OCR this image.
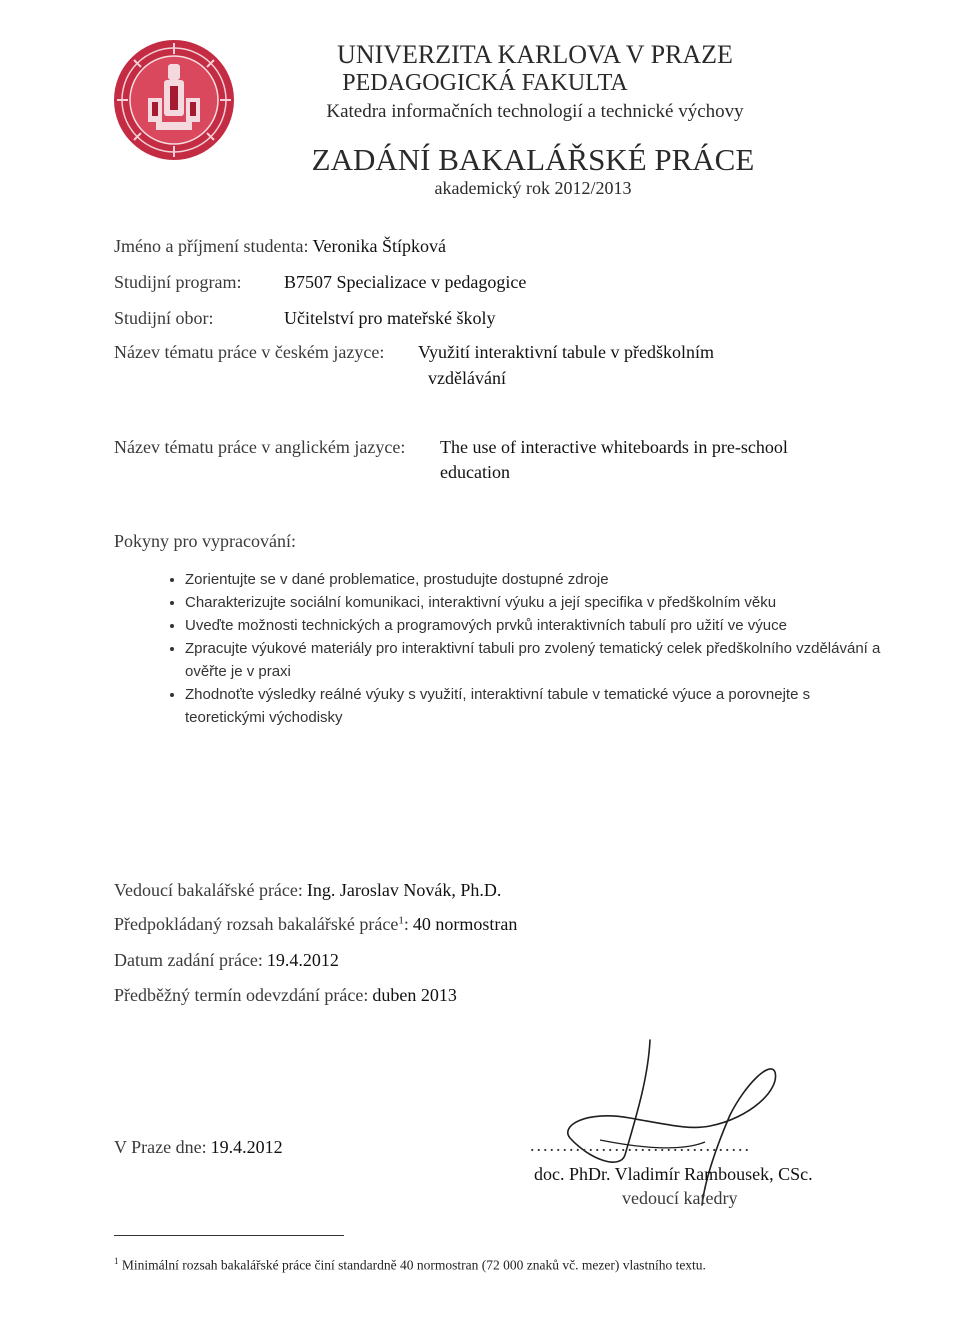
UNIVERZITA KARLOVA V PRAZE
PEDAGOGICKÁ FAKULTA
Katedra informačních technologií a technické výchovy
ZADÁNÍ BAKALÁŘSKÉ PRÁCE
akademický rok 2012/2013
Jméno a příjmení studenta: Veronika Štípková
Studijní program: B7507 Specializace v pedagogice
Studijní obor:	Učitelství pro mateřské školy
Název tématu práce v českém jazyce: Využití interaktivní tabule v předškolním
vzdělávání
Název tématu práce v anglickém jazyce: The use of interactive whiteboards in pre-school
education
Pokyny pro vypracování:
• Zorientujte se v dané problematice, prostudujte dostupné zdroje
• Charakterizujte sociální komunikaci, interaktivní výuku a její specifika v předškolním věku
• Uveďte možnosti technických a programových prvků interaktivních tabulí pro užití ve výuce
• Zpracujte výukové materiály pro interaktivní tabuli pro zvolený tematický celek předškolního vzdělávání a ověřte je v praxi
• Zhodnoťte výsledky reálné výuky s využití, interaktivní tabule v tematické výuce a porovnejte s teoretickými východisky
Vedoucí bakalářské práce: Ing. Jaroslav Novák, Ph.D.
Předpokládaný rozsah bakalářské práce$^1$: 40 normostran
Datum zadání práce: 19.4.2012
Předběžný termín odevzdání práce: duben 2013
V Praze dne: 19.4.2012	..................................
doc. PhDr. Vladimír Rambousek, CSc.
vedoucí katedry
$^1$ Minimální rozsah bakalářské práce činí standardně 40 normostran (72 000 znaků vč. mezer) vlastního textu.
